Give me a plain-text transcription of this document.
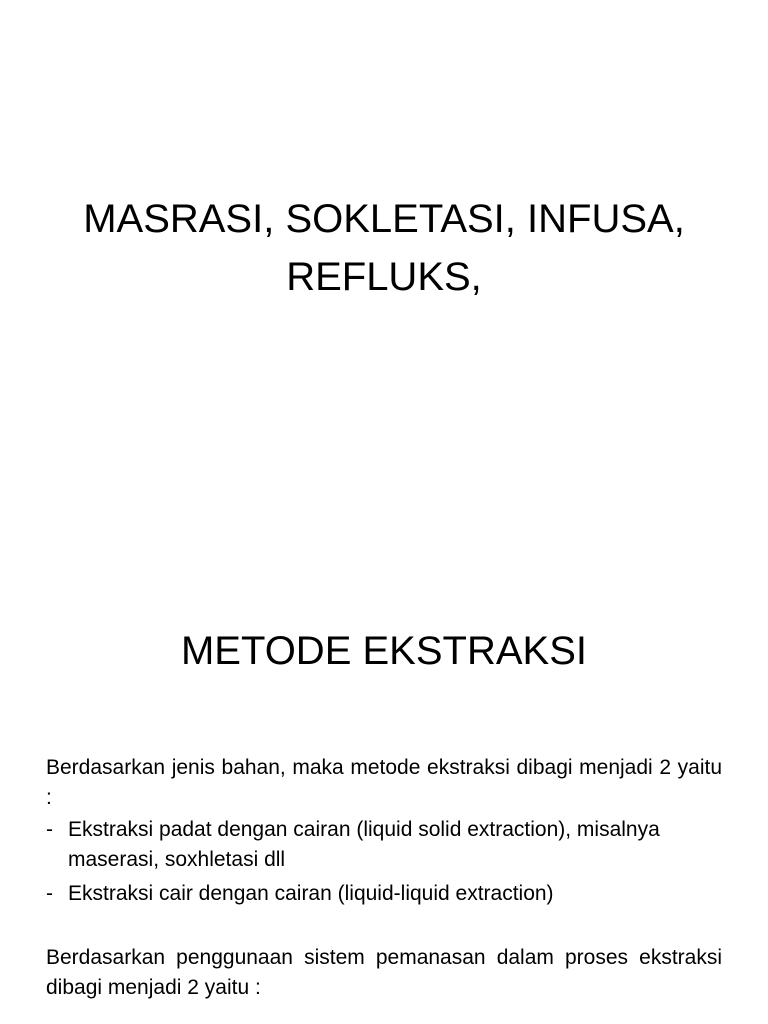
MASRASI, SOKLETASI, INFUSA,
REFLUKS,
METODE EKSTRAKSI

Berdasarkan jenis bahan, maka metode ekstraksi dibagi menjadi 2 yaitu :

- Ekstraksi padat dengan cairan (liquid solid extraction), misalnya maserasi, soxhletasi dll
- Ekstraksi cair dengan cairan (liquid-liquid extraction)

Berdasarkan penggunaan sistem pemanasan dalam proses ekstraksi dibagi menjadi 2 yaitu :
